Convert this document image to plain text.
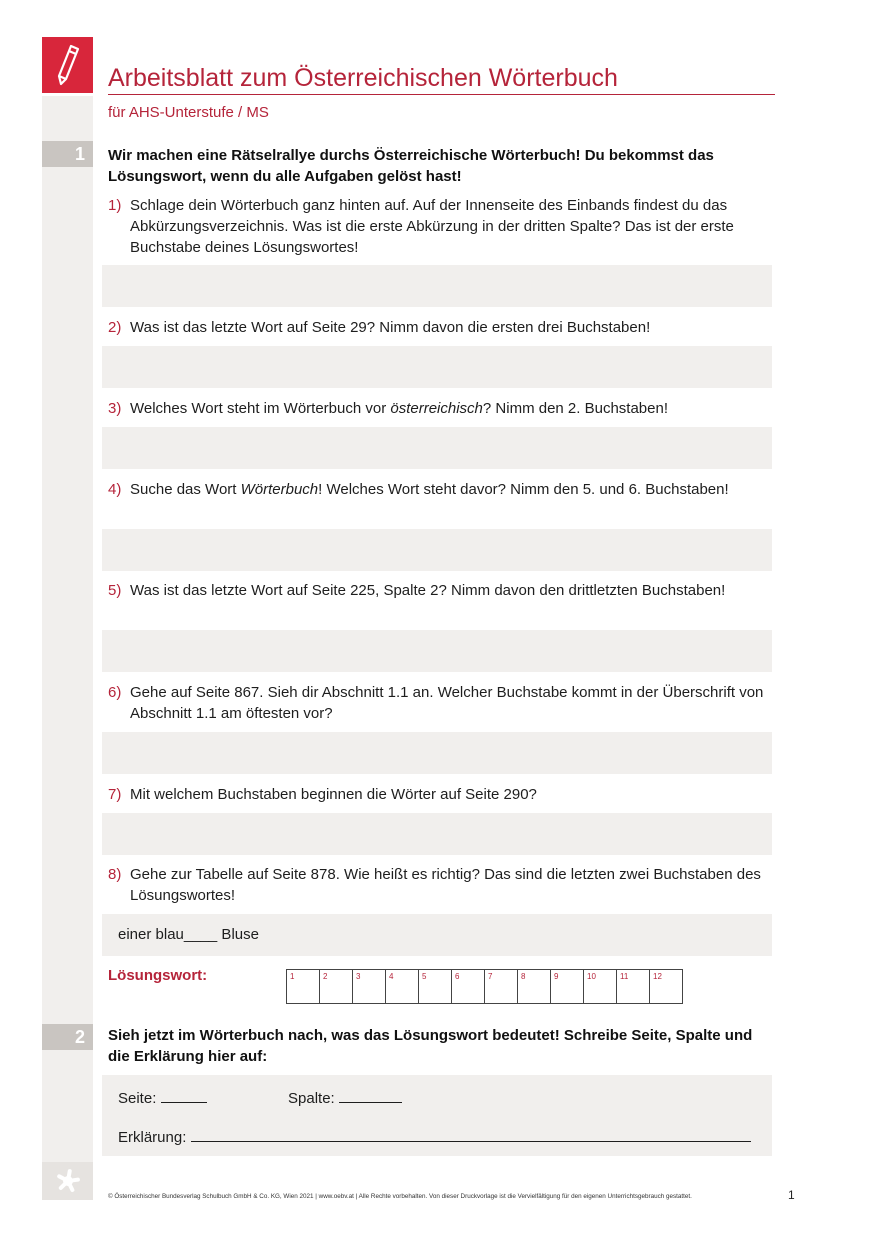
Arbeitsblatt zum Österreichischen Wörterbuch
für AHS-Unterstufe / MS
1	Wir machen eine Rätselrallye durchs Österreichische Wörterbuch! Du bekommst das Lösungswort, wenn du alle Aufgaben gelöst hast!
1) Schlage dein Wörterbuch ganz hinten auf. Auf der Innenseite des Einbands findest du das Abkürzungsverzeichnis. Was ist die erste Abkürzung in der dritten Spalte? Das ist der erste Buchstabe deines Lösungswortes!
2) Was ist das letzte Wort auf Seite 29? Nimm davon die ersten drei Buchstaben!
3) Welches Wort steht im Wörterbuch vor österreichisch? Nimm den 2. Buchstaben!
4) Suche das Wort Wörterbuch! Welches Wort steht davor? Nimm den 5. und 6. Buchstaben!
5) Was ist das letzte Wort auf Seite 225, Spalte 2? Nimm davon den drittletzten Buchstaben!
6) Gehe auf Seite 867. Sieh dir Abschnitt 1.1 an. Welcher Buchstabe kommt in der Überschrift von Abschnitt 1.1 am öftesten vor?
7) Mit welchem Buchstaben beginnen die Wörter auf Seite 290?
8) Gehe zur Tabelle auf Seite 878. Wie heißt es richtig? Das sind die letzten zwei Buchstaben des Lösungswortes!
einer blau____ Bluse
Lösungswort:	1	2	3	4	5	6	7	8	9	10	11	12
2	Sieh jetzt im Wörterbuch nach, was das Lösungswort bedeutet! Schreibe Seite, Spalte und die Erklärung hier auf:
Seite:	Spalte:
Erklärung:
© Österreichischer Bundesverlag Schulbuch GmbH & Co. KG, Wien 2021 | www.oebv.at | Alle Rechte vorbehalten. Von dieser Druckvorlage ist die Vervielfältigung für den eigenen Unterrichtsgebrauch gestattet.	1
